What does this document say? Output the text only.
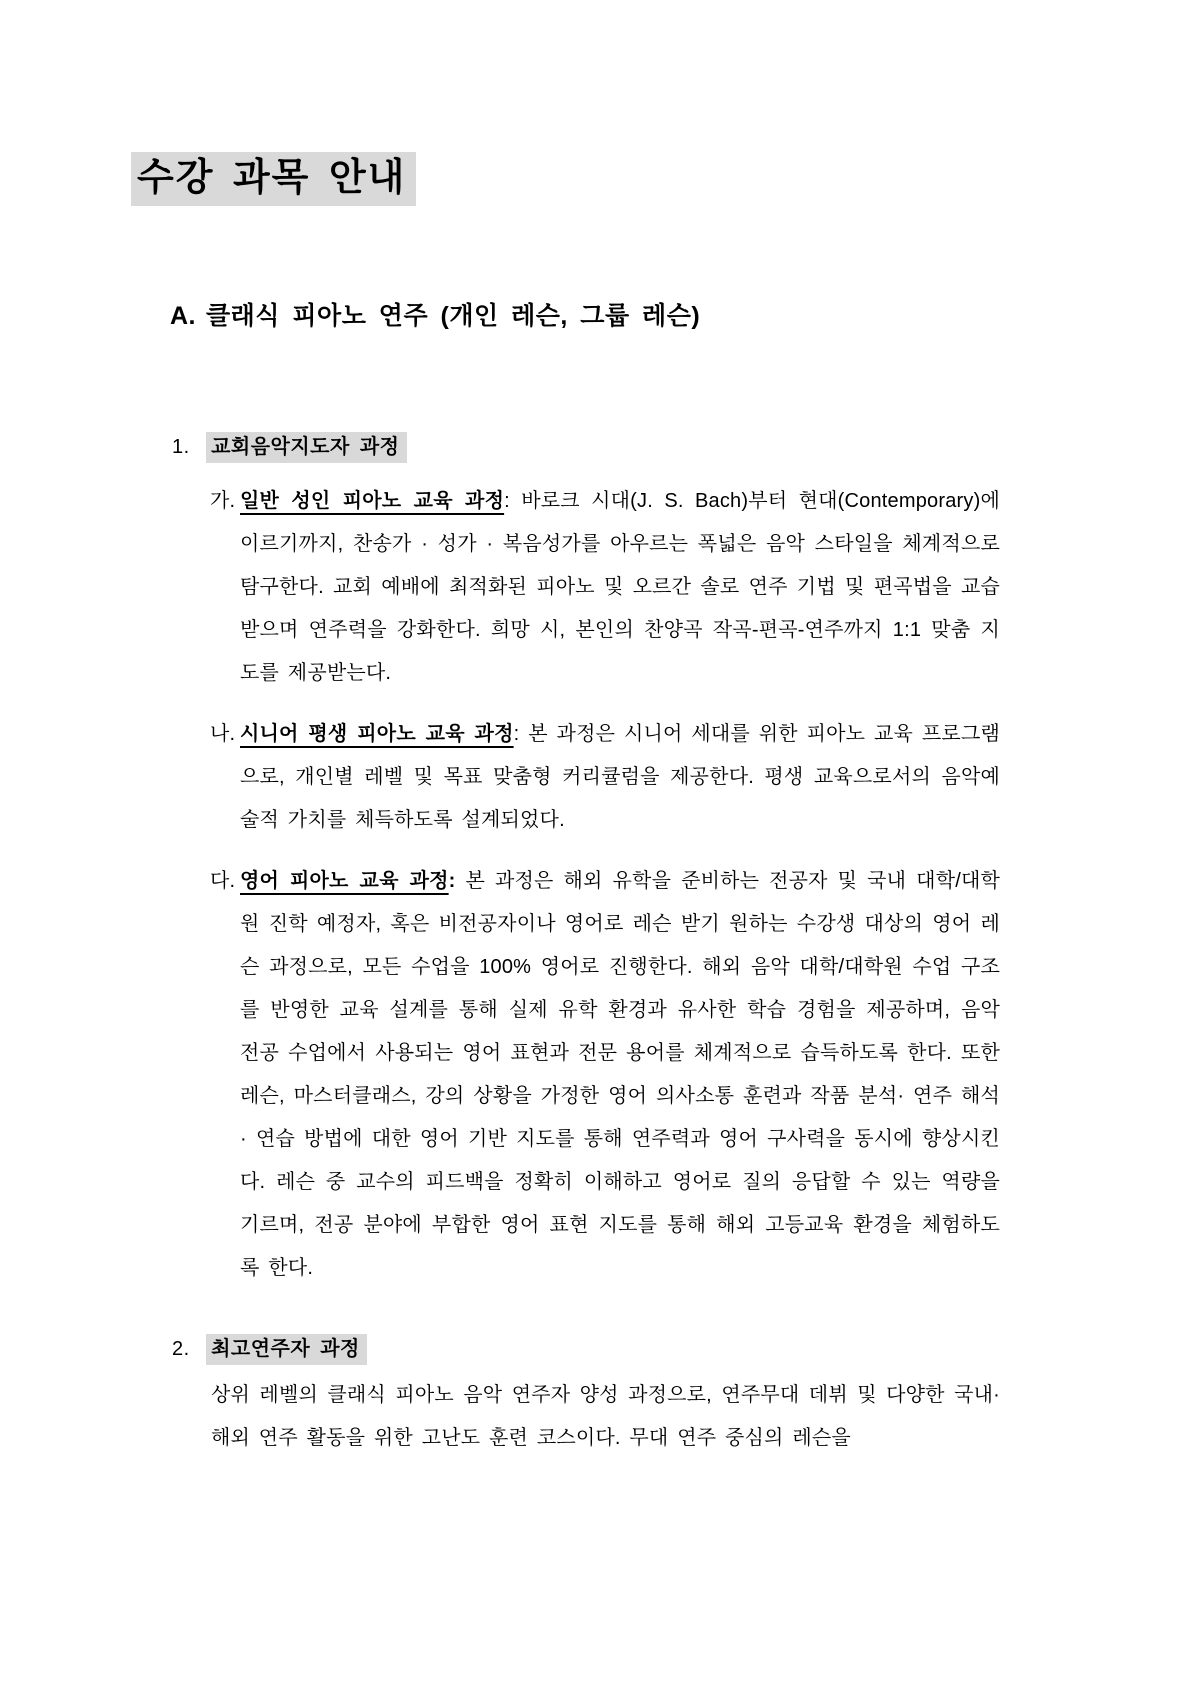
수강 과목 안내
A. 클래식 피아노 연주 (개인 레슨, 그룹 레슨)
1. 교회음악지도자 과정

가. 일반 성인 피아노 교육 과정: 바로크 시대(J. S. Bach)부터 현대(Contemporary)에 이르기까지, 찬송가 · 성가 · 복음성가를 아우르는 폭넓은 음악 스타일을 체계적으로 탐구한다. 교회 예배에 최적화된 피아노 및 오르간 솔로 연주 기법 및 편곡법을 교습 받으며 연주력을 강화한다. 희망 시, 본인의 찬양곡 작곡-편곡-연주까지 1:1 맞춤 지도를 제공받는다.

나. 시니어 평생 피아노 교육 과정: 본 과정은 시니어 세대를 위한 피아노 교육 프로그램으로, 개인별 레벨 및 목표 맞춤형 커리큘럼을 제공한다. 평생 교육으로서의 음악예술적 가치를 체득하도록 설계되었다.

다. 영어 피아노 교육 과정: 본 과정은 해외 유학을 준비하는 전공자 및 국내 대학/대학원 진학 예정자, 혹은 비전공자이나 영어로 레슨 받기 원하는 수강생 대상의 영어 레슨 과정으로, 모든 수업을 100% 영어로 진행한다. 해외 음악 대학/대학원 수업 구조를 반영한 교육 설계를 통해 실제 유학 환경과 유사한 학습 경험을 제공하며, 음악 전공 수업에서 사용되는 영어 표현과 전문 용어를 체계적으로 습득하도록 한다. 또한 레슨, 마스터클래스, 강의 상황을 가정한 영어 의사소통 훈련과 작품 분석· 연주 해석· 연습 방법에 대한 영어 기반 지도를 통해 연주력과 영어 구사력을 동시에 향상시킨다. 레슨 중 교수의 피드백을 정확히 이해하고 영어로 질의 응답할 수 있는 역량을 기르며, 전공 분야에 부합한 영어 표현 지도를 통해 해외 고등교육 환경을 체험하도록 한다.

2. 최고연주자 과정

상위 레벨의 클래식 피아노 음악 연주자 양성 과정으로, 연주무대 데뷔 및 다양한 국내·해외 연주 활동을 위한 고난도 훈련 코스이다. 무대 연주 중심의 레슨을
